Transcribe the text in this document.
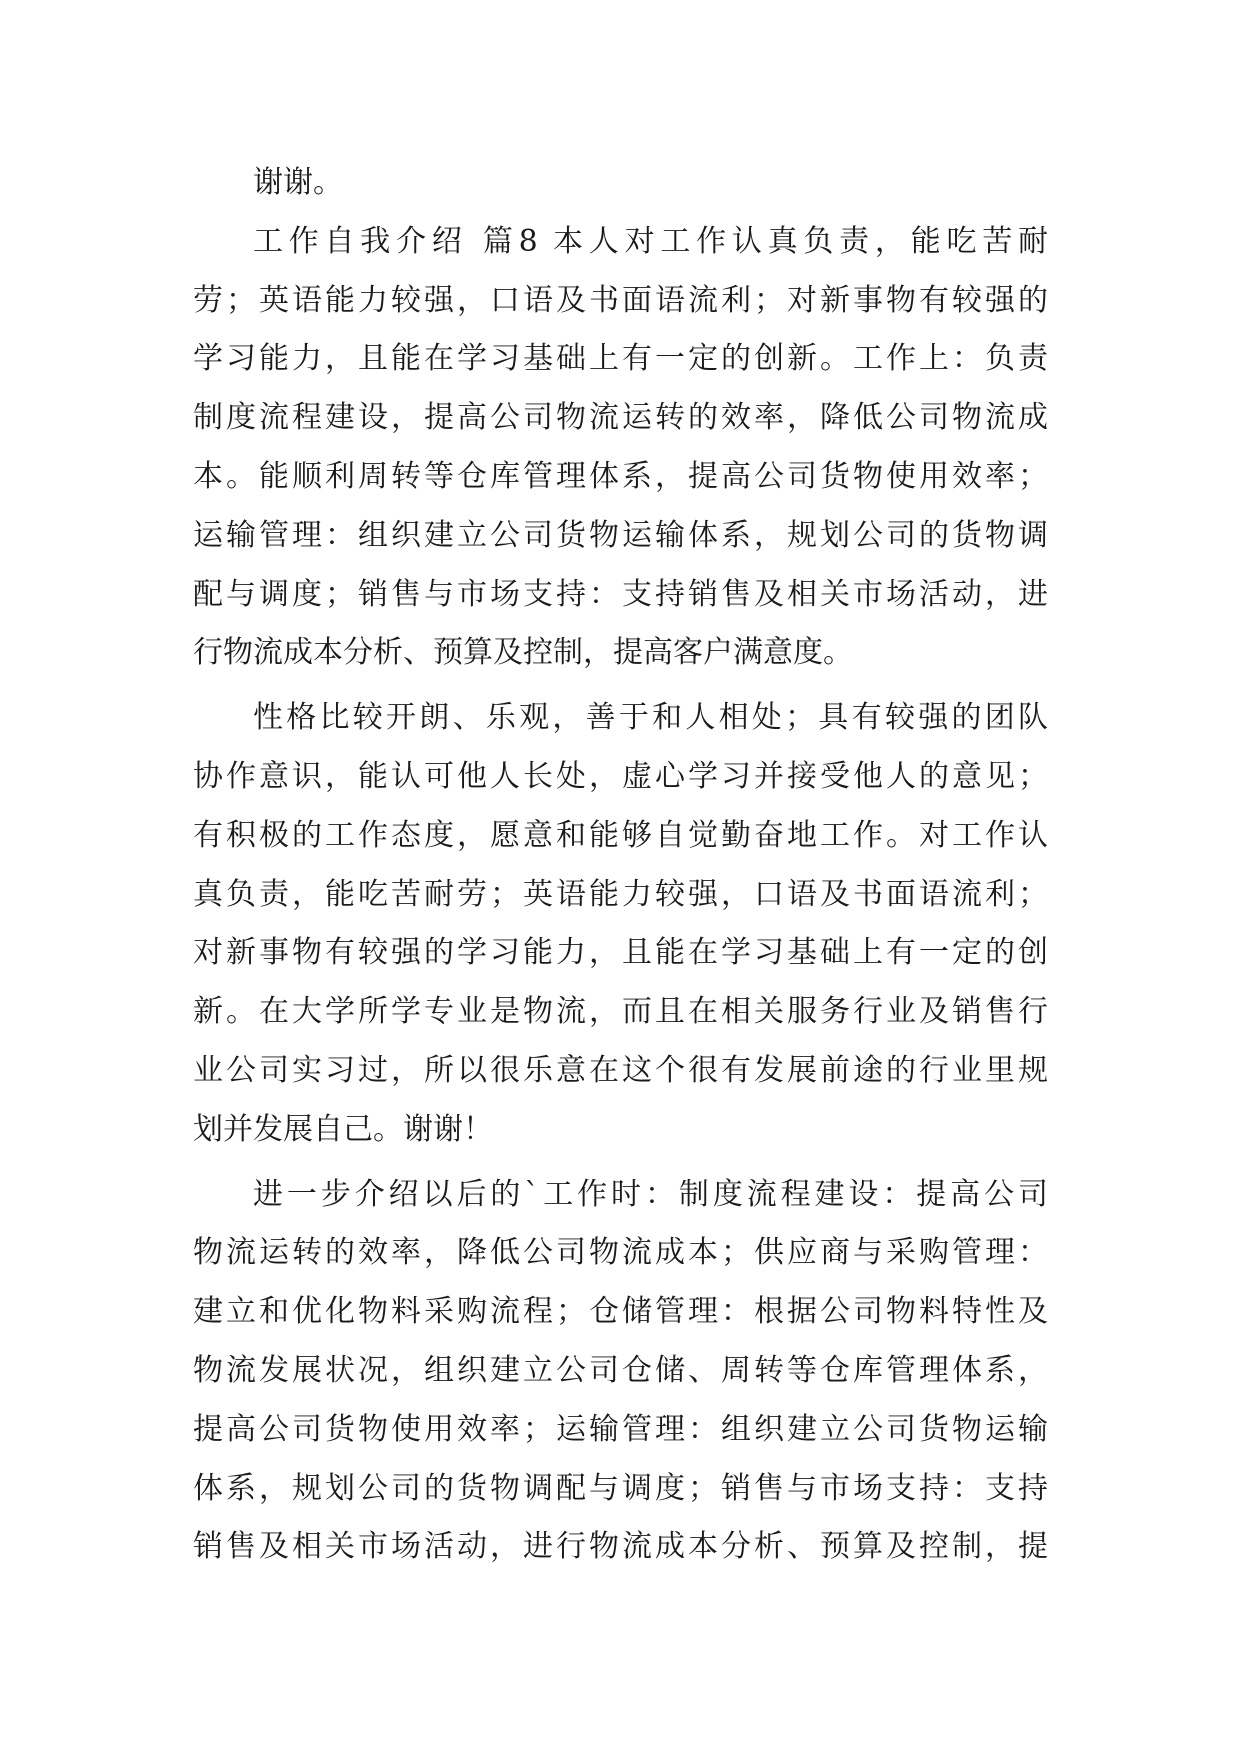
谢谢。
工作自我介绍 篇8 本人对工作认真负责，能吃苦耐
劳；英语能力较强，口语及书面语流利；对新事物有较强的
学习能力，且能在学习基础上有一定的创新。工作上：负责
制度流程建设，提高公司物流运转的效率，降低公司物流成
本。能顺利周转等仓库管理体系，提高公司货物使用效率；
运输管理：组织建立公司货物运输体系，规划公司的货物调
配与调度；销售与市场支持：支持销售及相关市场活动，进
行物流成本分析、预算及控制，提高客户满意度。
性格比较开朗、乐观，善于和人相处；具有较强的团队
协作意识，能认可他人长处，虚心学习并接受他人的意见；
有积极的工作态度，愿意和能够自觉勤奋地工作。对工作认
真负责，能吃苦耐劳；英语能力较强，口语及书面语流利；
对新事物有较强的学习能力，且能在学习基础上有一定的创
新。在大学所学专业是物流，而且在相关服务行业及销售行
业公司实习过，所以很乐意在这个很有发展前途的行业里规
划并发展自己。谢谢！
进一步介绍以后的`工作时：制度流程建设：提高公司
物流运转的效率，降低公司物流成本；供应商与采购管理：
建立和优化物料采购流程；仓储管理：根据公司物料特性及
物流发展状况，组织建立公司仓储、周转等仓库管理体系，
提高公司货物使用效率；运输管理：组织建立公司货物运输
体系，规划公司的货物调配与调度；销售与市场支持：支持
销售及相关市场活动，进行物流成本分析、预算及控制，提
